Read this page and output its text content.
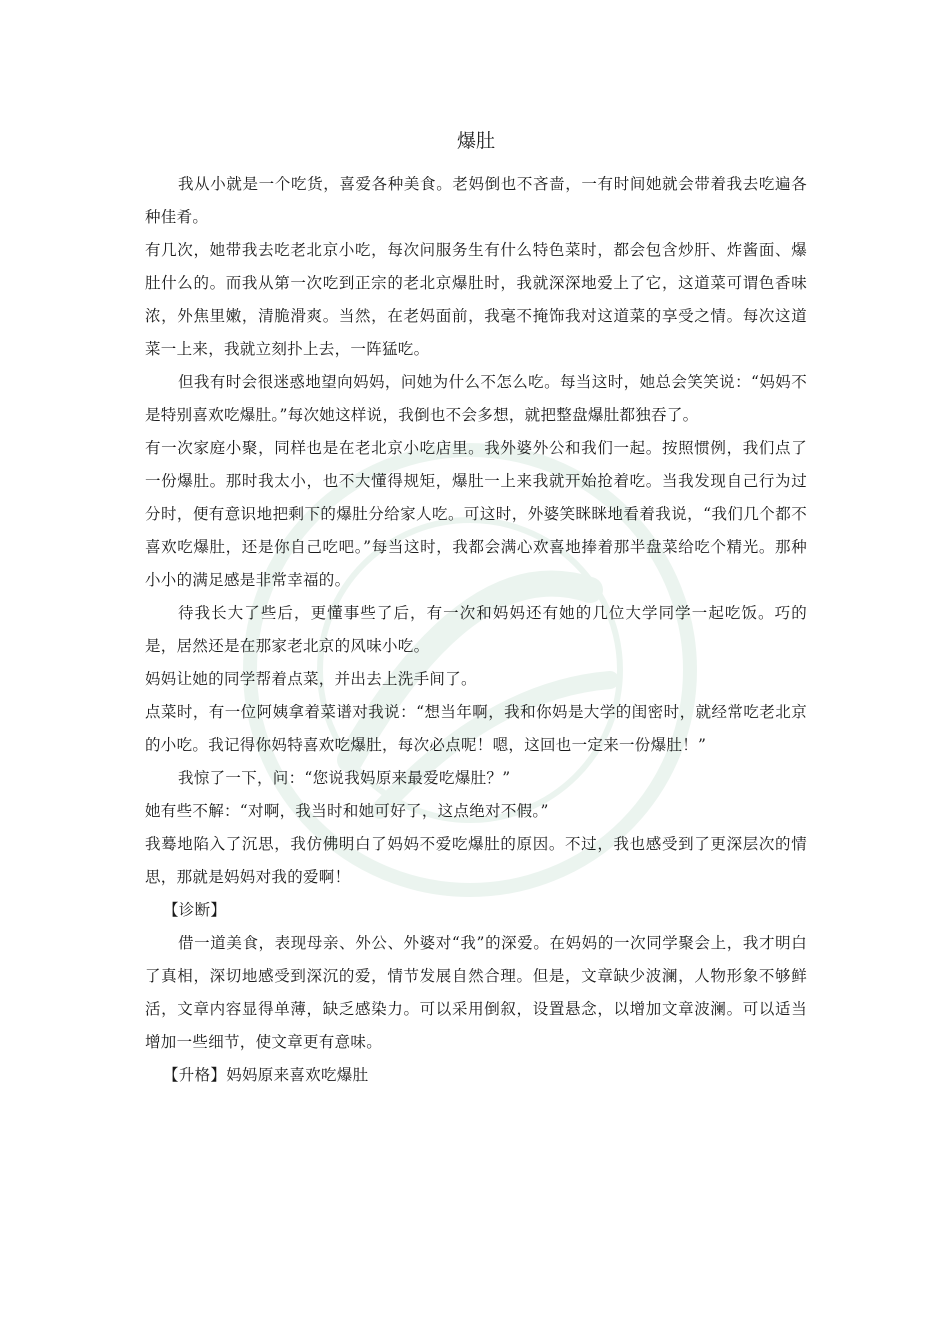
爆肚

我从小就是一个吃货，喜爱各种美食。老妈倒也不吝啬，一有时间她就会带着我去吃遍各种佳肴。

有几次，她带我去吃老北京小吃，每次问服务生有什么特色菜时，都会包含炒肝、炸酱面、爆肚什么的。而我从第一次吃到正宗的老北京爆肚时，我就深深地爱上了它，这道菜可谓色香味浓，外焦里嫩，清脆滑爽。当然，在老妈面前，我毫不掩饰我对这道菜的享受之情。每次这道菜一上来，我就立刻扑上去，一阵猛吃。

但我有时会很迷惑地望向妈妈，问她为什么不怎么吃。每当这时，她总会笑笑说：“妈妈不是特别喜欢吃爆肚。”每次她这样说，我倒也不会多想，就把整盘爆肚都独吞了。

有一次家庭小聚，同样也是在老北京小吃店里。我外婆外公和我们一起。按照惯例，我们点了一份爆肚。那时我太小，也不大懂得规矩，爆肚一上来我就开始抢着吃。当我发现自己行为过分时，便有意识地把剩下的爆肚分给家人吃。可这时，外婆笑眯眯地看着我说，“我们几个都不喜欢吃爆肚，还是你自己吃吧。”每当这时，我都会满心欢喜地捧着那半盘菜给吃个精光。那种小小的满足感是非常幸福的。

待我长大了些后，更懂事些了后，有一次和妈妈还有她的几位大学同学一起吃饭。巧的是，居然还是在那家老北京的风味小吃。

妈妈让她的同学帮着点菜，并出去上洗手间了。

点菜时，有一位阿姨拿着菜谱对我说：“想当年啊，我和你妈是大学的闺密时，就经常吃老北京的小吃。我记得你妈特喜欢吃爆肚，每次必点呢！嗯，这回也一定来一份爆肚！”

我惊了一下，问：“您说我妈原来最爱吃爆肚？”

她有些不解：“对啊，我当时和她可好了，这点绝对不假。”

我蓦地陷入了沉思，我仿佛明白了妈妈不爱吃爆肚的原因。不过，我也感受到了更深层次的情思，那就是妈妈对我的爱啊！

【诊断】

借一道美食，表现母亲、外公、外婆对“我”的深爱。在妈妈的一次同学聚会上，我才明白了真相，深切地感受到深沉的爱，情节发展自然合理。但是，文章缺少波澜，人物形象不够鲜活，文章内容显得单薄，缺乏感染力。可以采用倒叙，设置悬念，以增加文章波澜。可以适当增加一些细节，使文章更有意味。

【升格】妈妈原来喜欢吃爆肚
